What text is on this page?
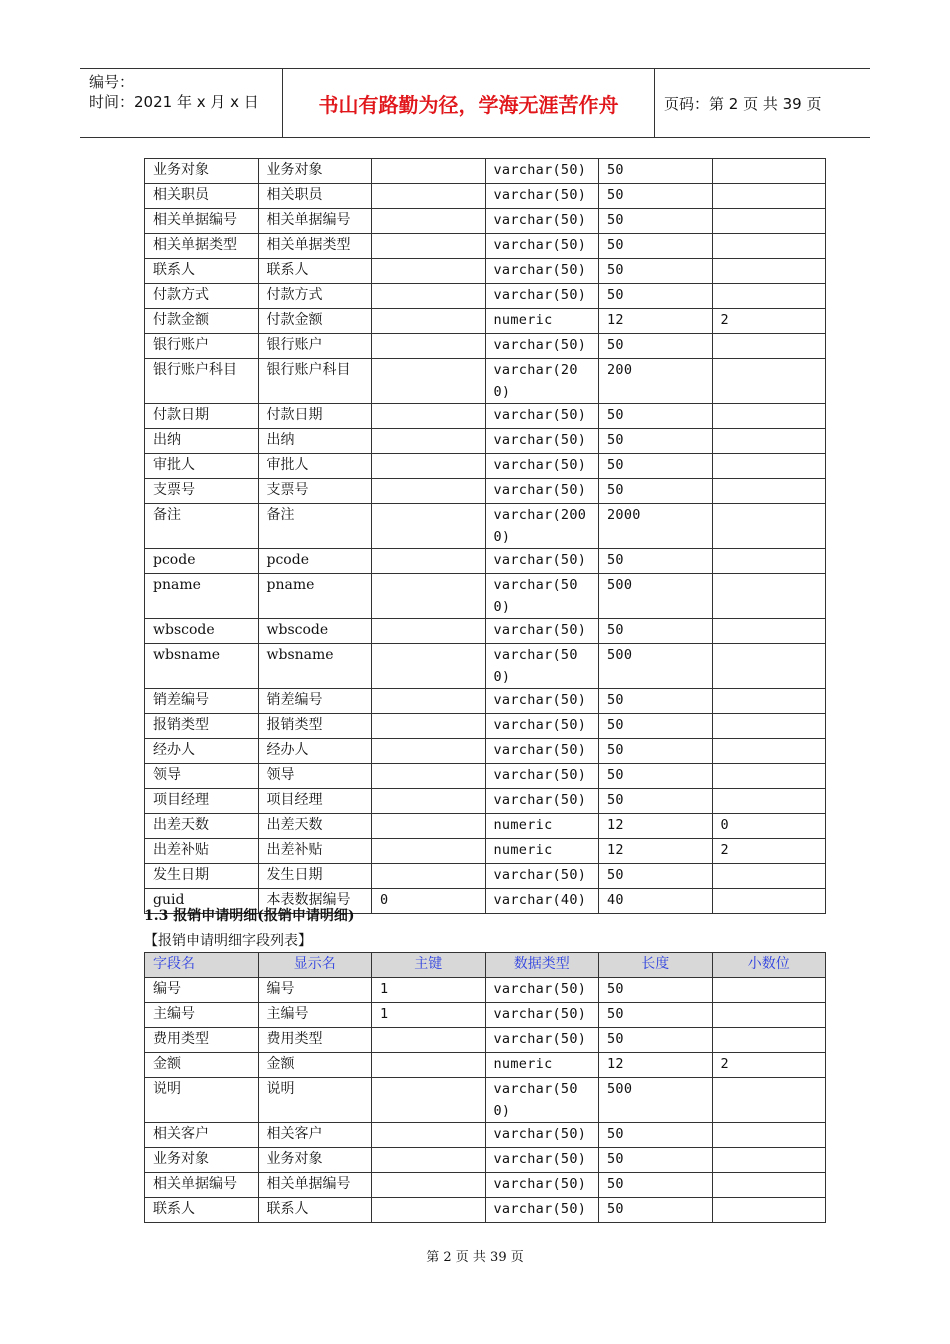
编号：
时间：2021 年 x 月 x 日	书山有路勤为径，学海无涯苦作舟	页码：第 2 页 共 39 页
业务对象	业务对象		varchar(50)	50	
相关职员	相关职员		varchar(50)	50	
相关单据编号	相关单据编号		varchar(50)	50	
相关单据类型	相关单据类型		varchar(50)	50	
联系人	联系人		varchar(50)	50	
付款方式	付款方式		varchar(50)	50	
付款金额	付款金额		numeric	12	2
银行账户	银行账户		varchar(50)	50	
银行账户科目	银行账户科目		varchar(200)	200	
付款日期	付款日期		varchar(50)	50	
出纳	出纳		varchar(50)	50	
审批人	审批人		varchar(50)	50	
支票号	支票号		varchar(50)	50	
备注	备注		varchar(2000)	2000	
pcode	pcode		varchar(50)	50	
pname	pname		varchar(500)	500	
wbscode	wbscode		varchar(50)	50	
wbsname	wbsname		varchar(500)	500	
销差编号	销差编号		varchar(50)	50	
报销类型	报销类型		varchar(50)	50	
经办人	经办人		varchar(50)	50	
领导	领导		varchar(50)	50	
项目经理	项目经理		varchar(50)	50	
出差天数	出差天数		numeric	12	0
出差补贴	出差补贴		numeric	12	2
发生日期	发生日期		varchar(50)	50	
guid	本表数据编号	0	varchar(40)	40	
1.3 报销申请明细(报销申请明细)
【报销申请明细字段列表】
字段名	显示名	主键	数据类型	长度	小数位
编号	编号	1	varchar(50)	50	
主编号	主编号	1	varchar(50)	50	
费用类型	费用类型		varchar(50)	50	
金额	金额		numeric	12	2
说明	说明		varchar(500)	500	
相关客户	相关客户		varchar(50)	50	
业务对象	业务对象		varchar(50)	50	
相关单据编号	相关单据编号		varchar(50)	50	
联系人	联系人		varchar(50)	50	
第 2 页 共 39 页
